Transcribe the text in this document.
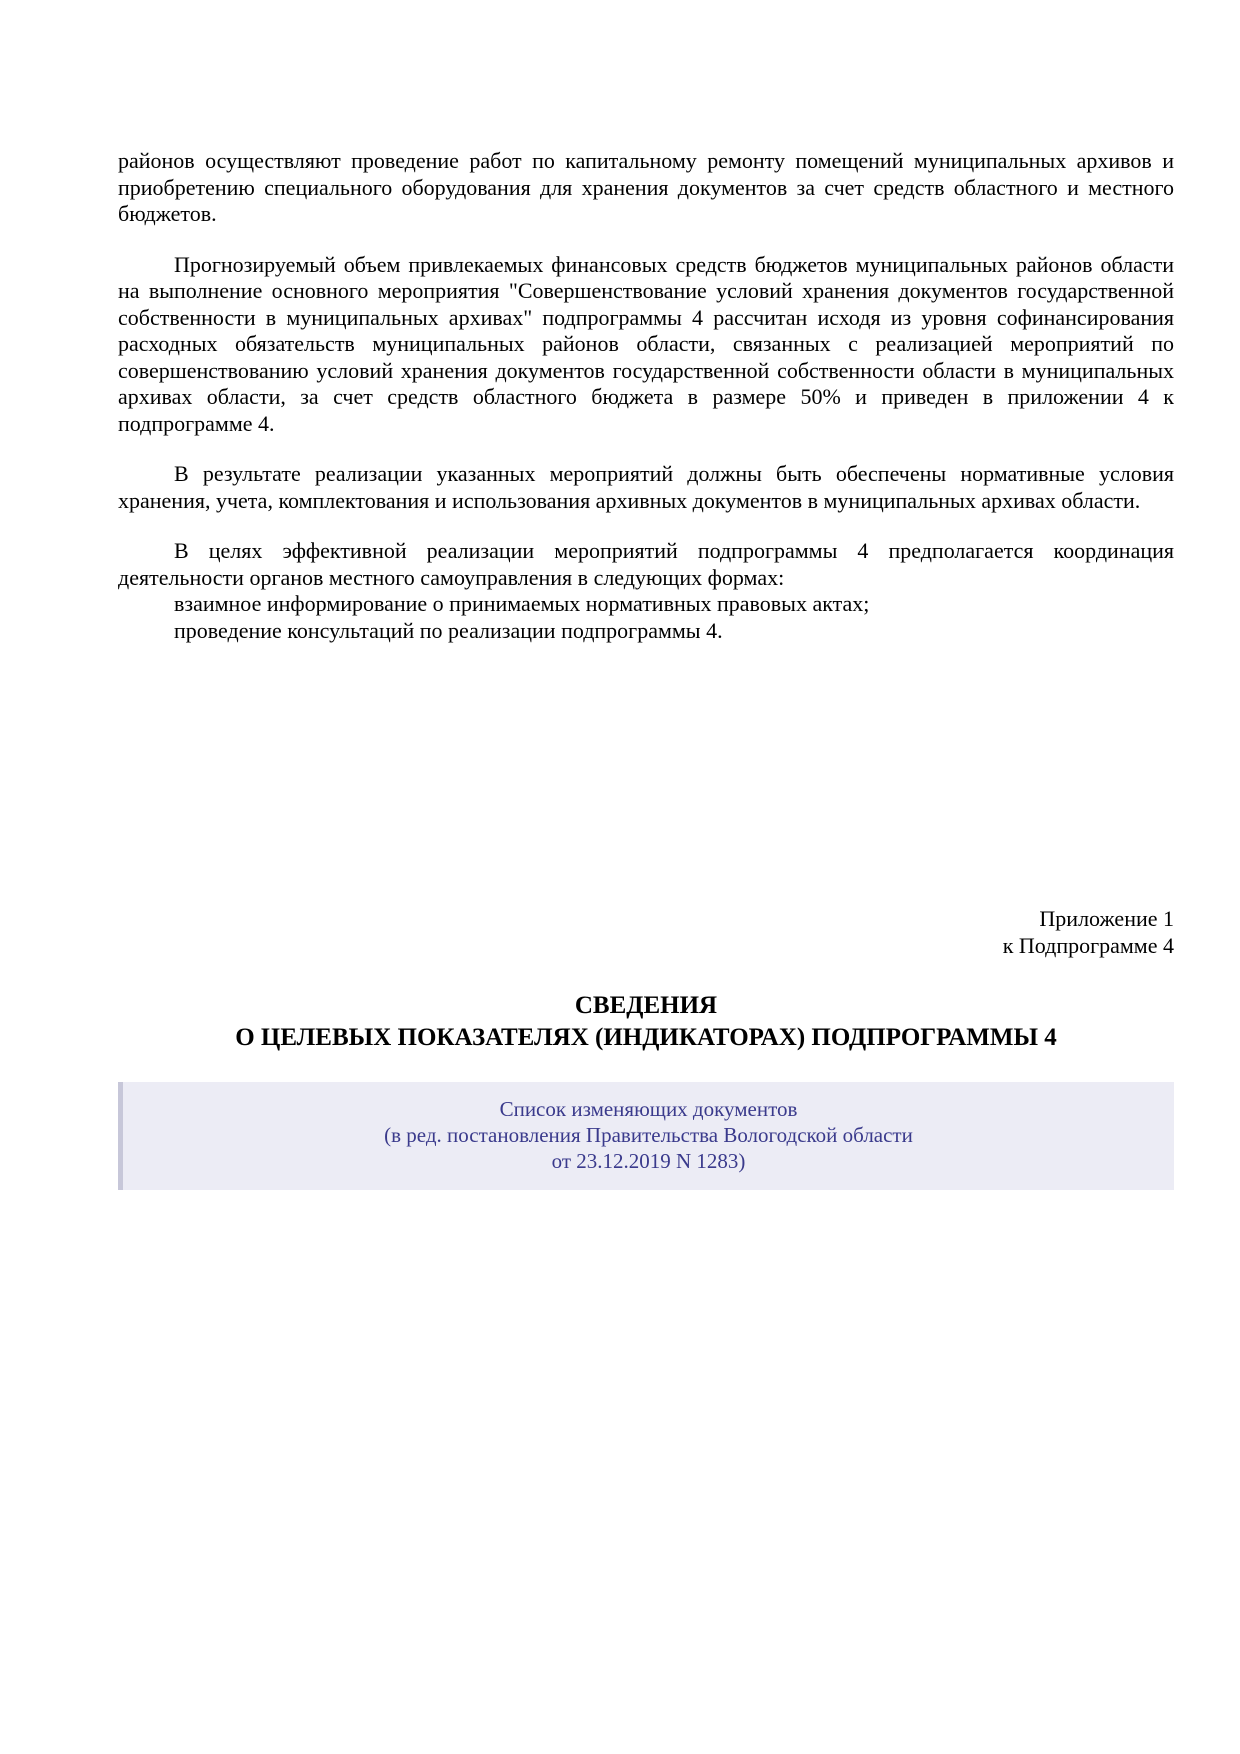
районов осуществляют проведение работ по капитальному ремонту помещений муниципальных архивов и приобретению специального оборудования для хранения документов за счет средств областного и местного бюджетов.

Прогнозируемый объем привлекаемых финансовых средств бюджетов муниципальных районов области на выполнение основного мероприятия "Совершенствование условий хранения документов государственной собственности в муниципальных архивах" подпрограммы 4 рассчитан исходя из уровня софинансирования расходных обязательств муниципальных районов области, связанных с реализацией мероприятий по совершенствованию условий хранения документов государственной собственности области в муниципальных архивах области, за счет средств областного бюджета в размере 50% и приведен в приложении 4 к подпрограмме 4.

В результате реализации указанных мероприятий должны быть обеспечены нормативные условия хранения, учета, комплектования и использования архивных документов в муниципальных архивах области.

В целях эффективной реализации мероприятий подпрограммы 4 предполагается координация деятельности органов местного самоуправления в следующих формах:

взаимное информирование о принимаемых нормативных правовых актах;

проведение консультаций по реализации подпрограммы 4.

Приложение 1
к Подпрограмме 4
СВЕДЕНИЯ
О ЦЕЛЕВЫХ ПОКАЗАТЕЛЯХ (ИНДИКАТОРАХ) ПОДПРОГРАММЫ 4
Список изменяющих документов
(в ред. постановления Правительства Вологодской области
от 23.12.2019 N 1283)
